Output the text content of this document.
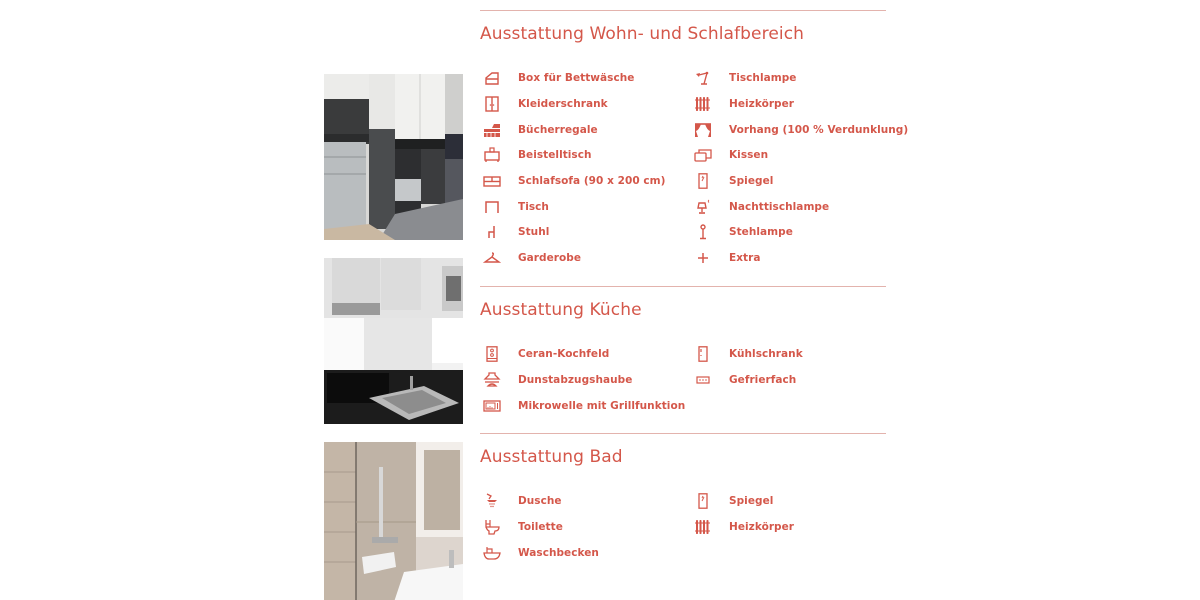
Ausstattung Wohn- und Schlafbereich
Box für Bettwäsche
Kleiderschrank
Bücherregale
Beistelltisch
Schlafsofa (90 x 200 cm)
Tisch
Stuhl
Garderobe
Tischlampe
Heizkörper
Vorhang (100 % Verdunklung)
Kissen
Spiegel
Nachttischlampe
Stehlampe
Extra
Ausstattung Küche
Ceran-Kochfeld
Dunstabzugshaube
Mikrowelle mit Grillfunktion
Kühlschrank
Gefrierfach
Ausstattung Bad
Dusche
Toilette
Waschbecken
Spiegel
Heizkörper
